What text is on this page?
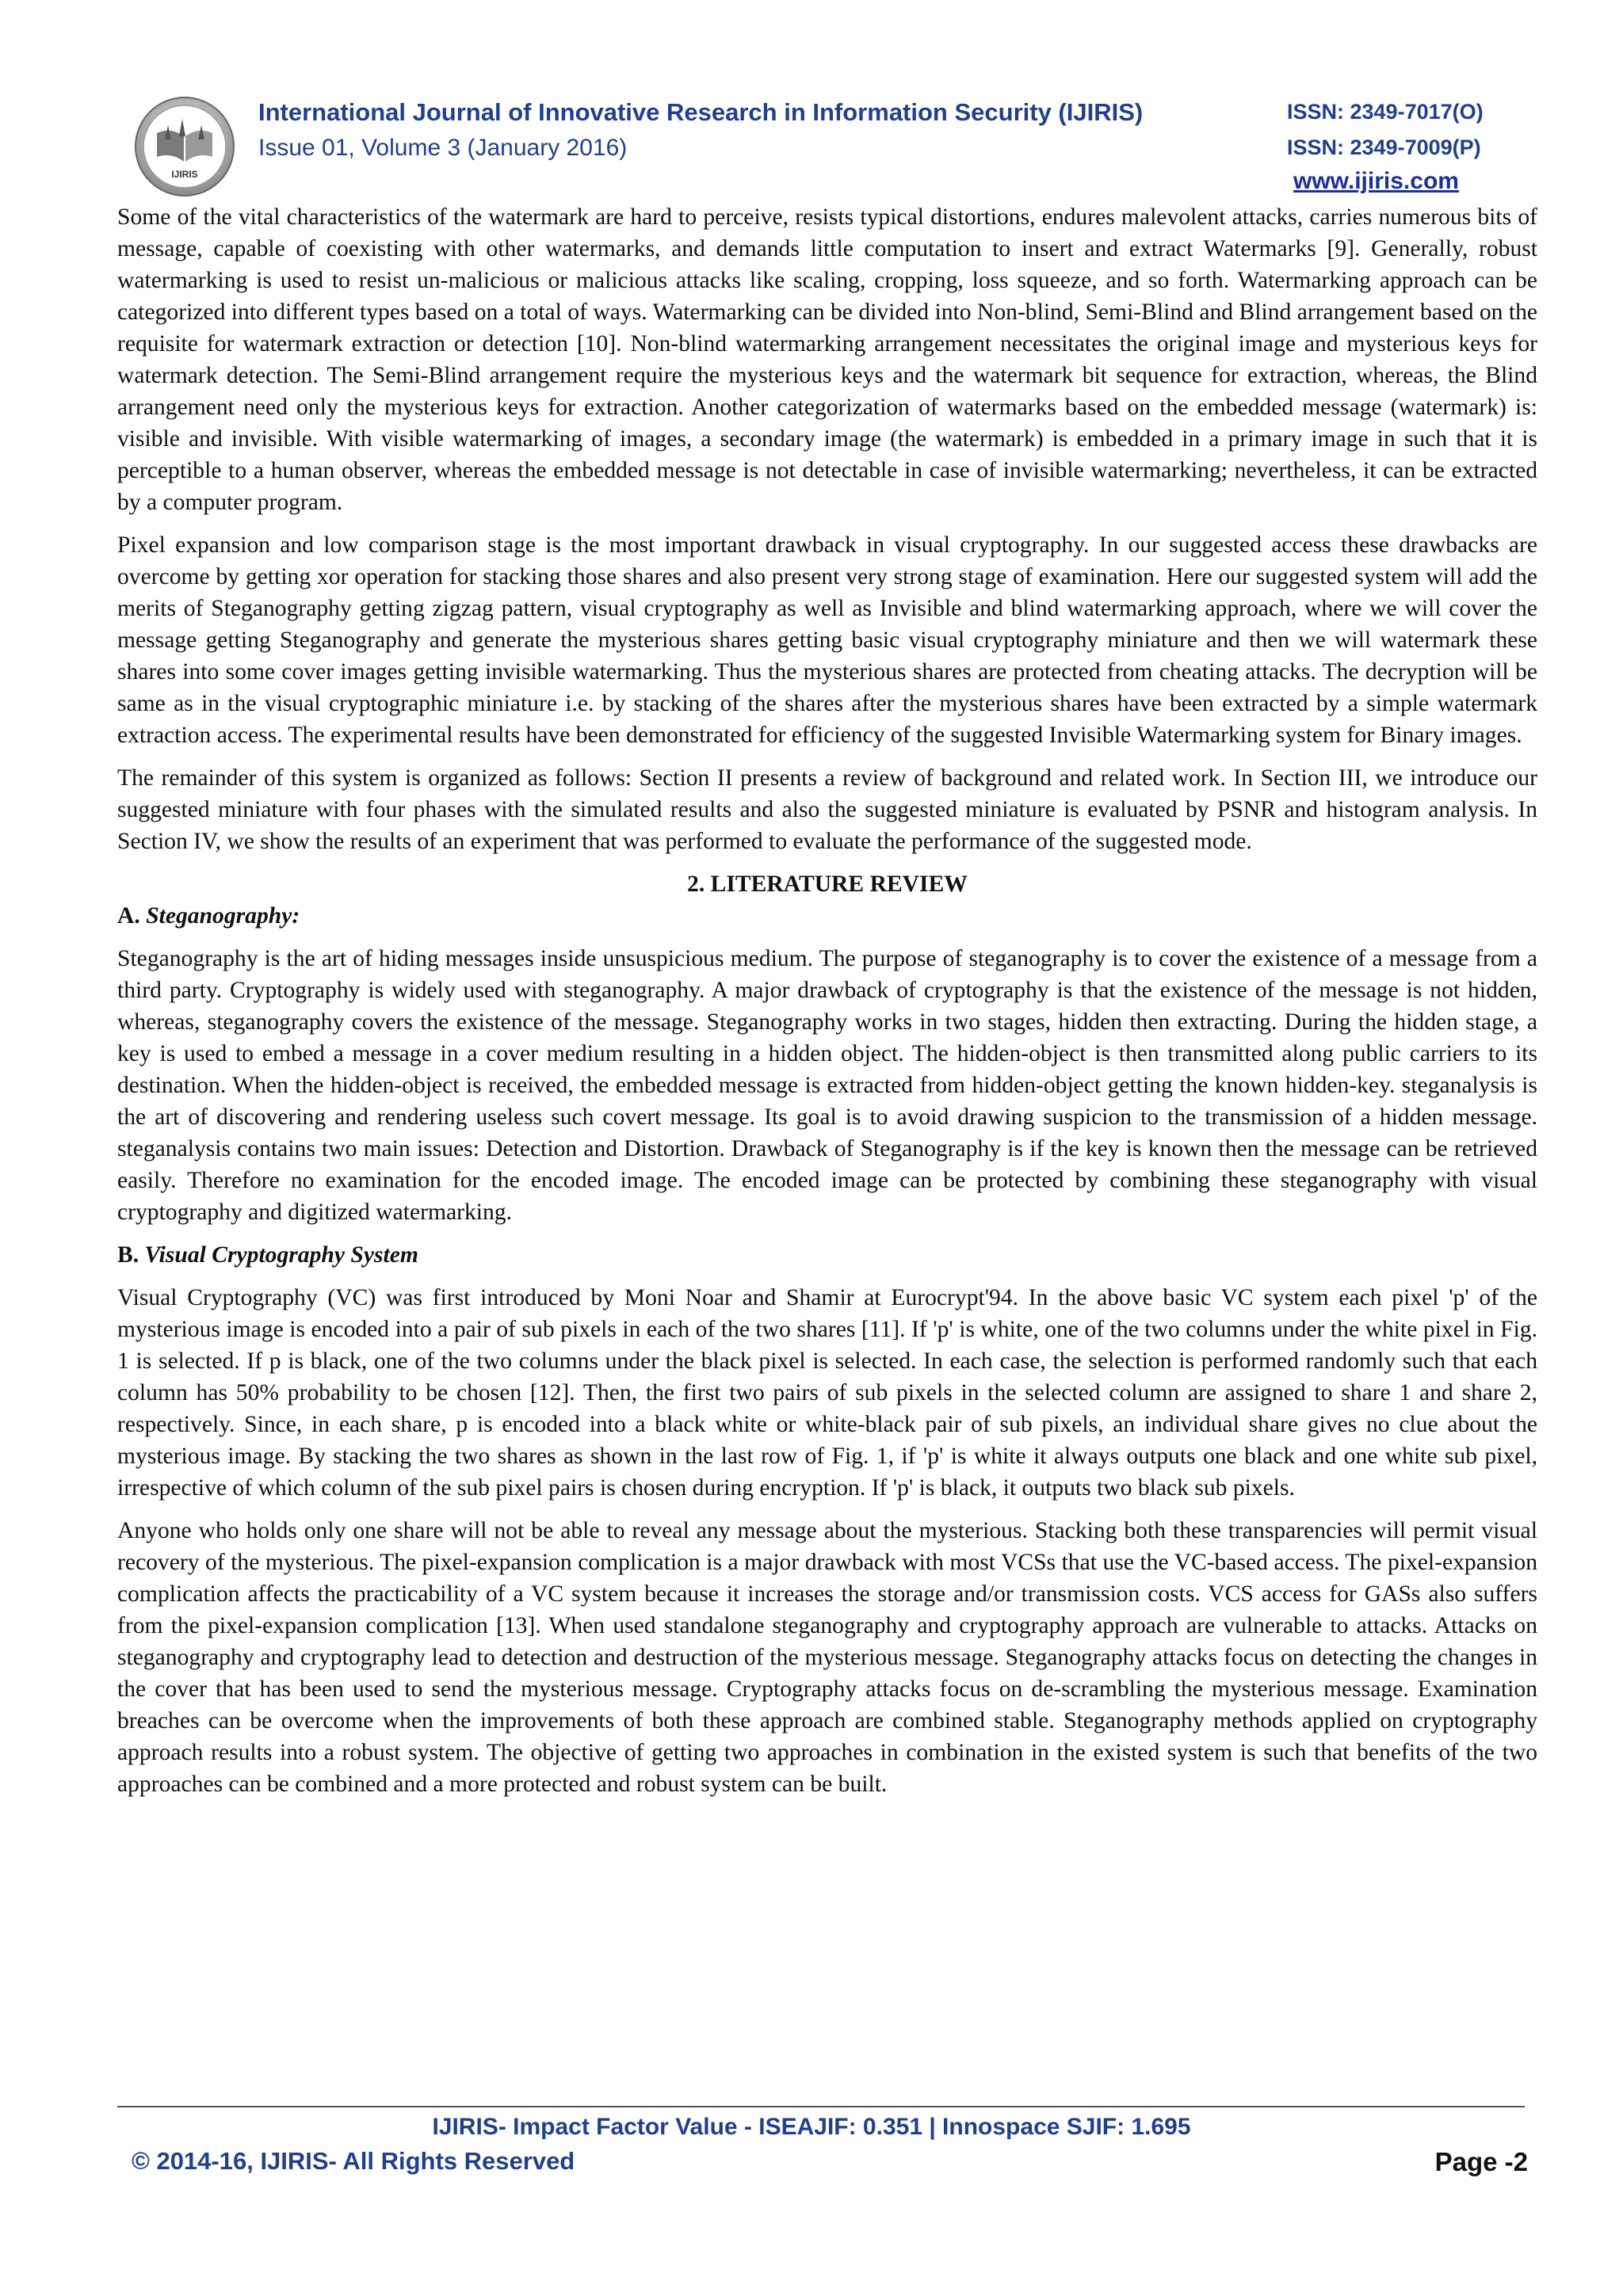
IJIRIS
International Journal of Innovative Research in Information Security (IJIRIS)
Issue 01, Volume 3 (January 2016)
ISSN: 2349-7017(O)
ISSN: 2349-7009(P)
www.ijiris.com

Some of the vital characteristics of the watermark are hard to perceive, resists typical distortions, endures malevolent attacks, carries numerous bits of message, capable of coexisting with other watermarks, and demands little computation to insert and extract Watermarks [9]. Generally, robust watermarking is used to resist un-malicious or malicious attacks like scaling, cropping, loss squeeze, and so forth. Watermarking approach can be categorized into different types based on a total of ways. Watermarking can be divided into Non-blind, Semi-Blind and Blind arrangement based on the requisite for watermark extraction or detection [10]. Non-blind watermarking arrangement necessitates the original image and mysterious keys for watermark detection. The Semi-Blind arrangement require the mysterious keys and the watermark bit sequence for extraction, whereas, the Blind arrangement need only the mysterious keys for extraction. Another categorization of watermarks based on the embedded message (watermark) is: visible and invisible. With visible watermarking of images, a secondary image (the watermark) is embedded in a primary image in such that it is perceptible to a human observer, whereas the embedded message is not detectable in case of invisible watermarking; nevertheless, it can be extracted by a computer program.

Pixel expansion and low comparison stage is the most important drawback in visual cryptography. In our suggested access these drawbacks are overcome by getting xor operation for stacking those shares and also present very strong stage of examination. Here our suggested system will add the merits of Steganography getting zigzag pattern, visual cryptography as well as Invisible and blind watermarking approach, where we will cover the message getting Steganography and generate the mysterious shares getting basic visual cryptography miniature and then we will watermark these shares into some cover images getting invisible watermarking. Thus the mysterious shares are protected from cheating attacks. The decryption will be same as in the visual cryptographic miniature i.e. by stacking of the shares after the mysterious shares have been extracted by a simple watermark extraction access. The experimental results have been demonstrated for efficiency of the suggested Invisible Watermarking system for Binary images.

The remainder of this system is organized as follows: Section II presents a review of background and related work. In Section III, we introduce our suggested miniature with four phases with the simulated results and also the suggested miniature is evaluated by PSNR and histogram analysis. In Section IV, we show the results of an experiment that was performed to evaluate the performance of the suggested mode.

2. LITERATURE REVIEW
A. Steganography:

Steganography is the art of hiding messages inside unsuspicious medium. The purpose of steganography is to cover the existence of a message from a third party. Cryptography is widely used with steganography. A major drawback of cryptography is that the existence of the message is not hidden, whereas, steganography covers the existence of the message. Steganography works in two stages, hidden then extracting. During the hidden stage, a key is used to embed a message in a cover medium resulting in a hidden object. The hidden-object is then transmitted along public carriers to its destination. When the hidden-object is received, the embedded message is extracted from hidden-object getting the known hidden-key. steganalysis is the art of discovering and rendering useless such covert message. Its goal is to avoid drawing suspicion to the transmission of a hidden message. steganalysis contains two main issues: Detection and Distortion. Drawback of Steganography is if the key is known then the message can be retrieved easily. Therefore no examination for the encoded image. The encoded image can be protected by combining these steganography with visual cryptography and digitized watermarking.

B. Visual Cryptography System

Visual Cryptography (VC) was first introduced by Moni Noar and Shamir at Eurocrypt'94. In the above basic VC system each pixel 'p' of the mysterious image is encoded into a pair of sub pixels in each of the two shares [11]. If 'p' is white, one of the two columns under the white pixel in Fig. 1 is selected. If p is black, one of the two columns under the black pixel is selected. In each case, the selection is performed randomly such that each column has 50% probability to be chosen [12]. Then, the first two pairs of sub pixels in the selected column are assigned to share 1 and share 2, respectively. Since, in each share, p is encoded into a black white or white-black pair of sub pixels, an individual share gives no clue about the mysterious image. By stacking the two shares as shown in the last row of Fig. 1, if 'p' is white it always outputs one black and one white sub pixel, irrespective of which column of the sub pixel pairs is chosen during encryption. If 'p' is black, it outputs two black sub pixels.

Anyone who holds only one share will not be able to reveal any message about the mysterious. Stacking both these transparencies will permit visual recovery of the mysterious. The pixel-expansion complication is a major drawback with most VCSs that use the VC-based access. The pixel-expansion complication affects the practicability of a VC system because it increases the storage and/or transmission costs. VCS access for GASs also suffers from the pixel-expansion complication [13]. When used standalone steganography and cryptography approach are vulnerable to attacks. Attacks on steganography and cryptography lead to detection and destruction of the mysterious message. Steganography attacks focus on detecting the changes in the cover that has been used to send the mysterious message. Cryptography attacks focus on de-scrambling the mysterious message. Examination breaches can be overcome when the improvements of both these approach are combined stable. Steganography methods applied on cryptography approach results into a robust system. The objective of getting two approaches in combination in the existed system is such that benefits of the two approaches can be combined and a more protected and robust system can be built.

IJIRIS- Impact Factor Value - ISEAJIF: 0.351 | Innospace SJIF: 1.695
© 2014-16, IJIRIS- All Rights Reserved	Page -2
